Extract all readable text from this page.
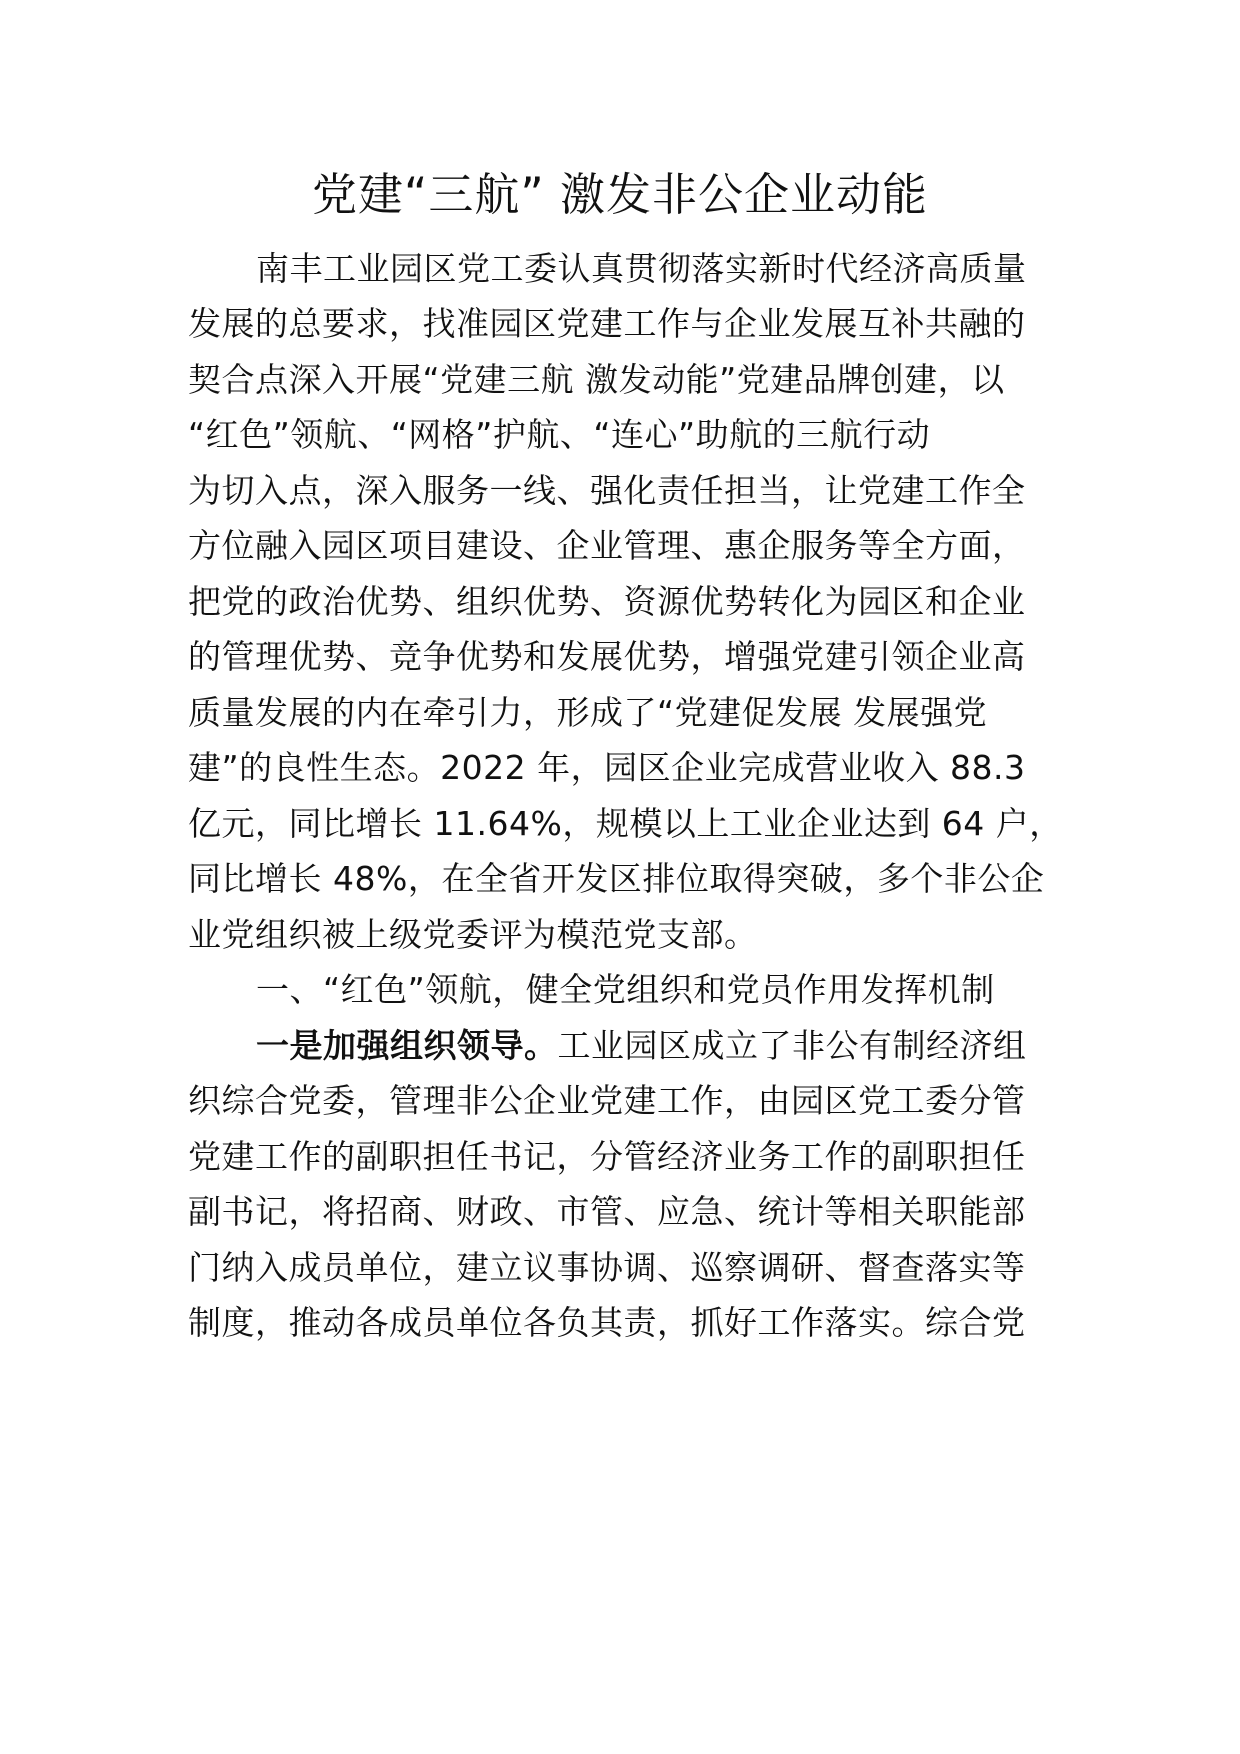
党建“三航” 激发非公企业动能
南丰工业园区党工委认真贯彻落实新时代经济高质量
发展的总要求，找准园区党建工作与企业发展互补共融的
契合点深入开展“党建三航 激发动能”党建品牌创建，以
“红色”领航、“网格”护航、“连心”助航的三航行动
为切入点，深入服务一线、强化责任担当，让党建工作全
方位融入园区项目建设、企业管理、惠企服务等全方面，
把党的政治优势、组织优势、资源优势转化为园区和企业
的管理优势、竞争优势和发展优势，增强党建引领企业高
质量发展的内在牵引力，形成了“党建促发展 发展强党
建”的良性生态。2022 年，园区企业完成营业收入 88.3
亿元，同比增长 11.64%，规模以上工业企业达到 64 户，
同比增长 48%，在全省开发区排位取得突破，多个非公企
业党组织被上级党委评为模范党支部。
一、“红色”领航，健全党组织和党员作用发挥机制
一是加强组织领导。工业园区成立了非公有制经济组
织综合党委，管理非公企业党建工作，由园区党工委分管
党建工作的副职担任书记，分管经济业务工作的副职担任
副书记，将招商、财政、市管、应急、统计等相关职能部
门纳入成员单位，建立议事协调、巡察调研、督查落实等
制度，推动各成员单位各负其责，抓好工作落实。综合党
